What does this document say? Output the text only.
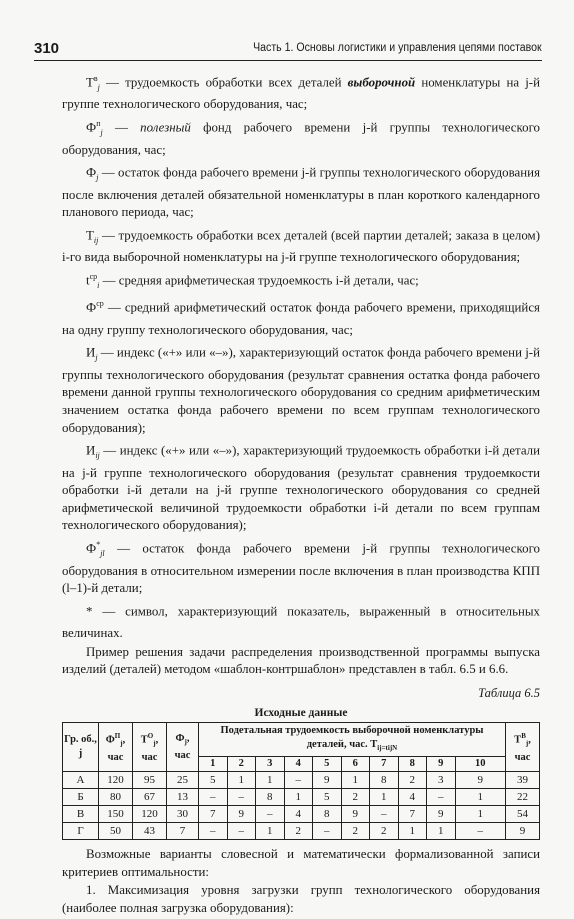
310	Часть 1. Основы логистики и управления цепями поставок

$Т^в_j$ — трудоемкость обработки всех деталей выборочной номенклатуры на j-й группе технологического оборудования, час;

$Ф^п_j$ — полезный фонд рабочего времени j-й группы технологического оборудования, час;

$Ф_j$ — остаток фонда рабочего времени j-й группы технологического оборудования после включения деталей обязательной номенклатуры в план короткого календарного планового периода, час;

$Т_{ij}$ — трудоемкость обработки всех деталей (всей партии деталей; заказа в целом) i-го вида выборочной номенклатуры на j-й группе технологического оборудования;

$t^{ср}_i$ — средняя арифметическая трудоемкость i-й детали, час;

$Ф^{ср}$ — средний арифметический остаток фонда рабочего времени, приходящийся на одну группу технологического оборудования, час;

$И_j$ — индекс («+» или «–»), характеризующий остаток фонда рабочего времени j-й группы технологического оборудования (результат сравнения остатка фонда рабочего времени данной группы технологического оборудования со средним арифметическим значением остатка фонда рабочего времени по всем группам технологического оборудования);

$И_{ij}$ — индекс («+» или «–»), характеризующий трудоемкость обработки i-й детали на j-й группе технологического оборудования (результат сравнения трудоемкости обработки i-й детали на j-й группе технологического оборудования со средней арифметической величиной трудоемкости обработки i-й детали по всем группам технологического оборудования);

$Ф^*_{jl}$ — остаток фонда рабочего времени j-й группы технологического оборудования в относительном измерении после включения в план производства КПП (l–1)-й детали;

* — символ, характеризующий показатель, выраженный в относительных величинах.

Пример решения задачи распределения производственной программы выпуска изделий (деталей) методом «шаблон-контршаблон» представлен в табл. 6.5 и 6.6.

Таблица 6.5
Исходные данные
Гр. об., j	$Ф^П_j$, час	$Т^О_j$, час	$Ф_j$, час	Подетальная трудоемкость выборочной номенклатуры деталей, час. $Т_{ij=tijN}$										$Т^В_j$, час
				1	2	3	4	5	6	7	8	9	10	
А	120	95	25	5	1	1	–	9	1	8	2	3	9	39
Б	80	67	13	–	–	8	1	5	2	1	4	–	1	22
В	150	120	30	7	9	–	4	8	9	–	7	9	1	54
Г	50	43	7	–	–	1	2	–	2	2	1	1	–	9

Возможные варианты словесной и математически формализованной записи критериев оптимальности:

1. Максимизация уровня загрузки групп технологического оборудования (наиболее полная загрузка оборудования):
